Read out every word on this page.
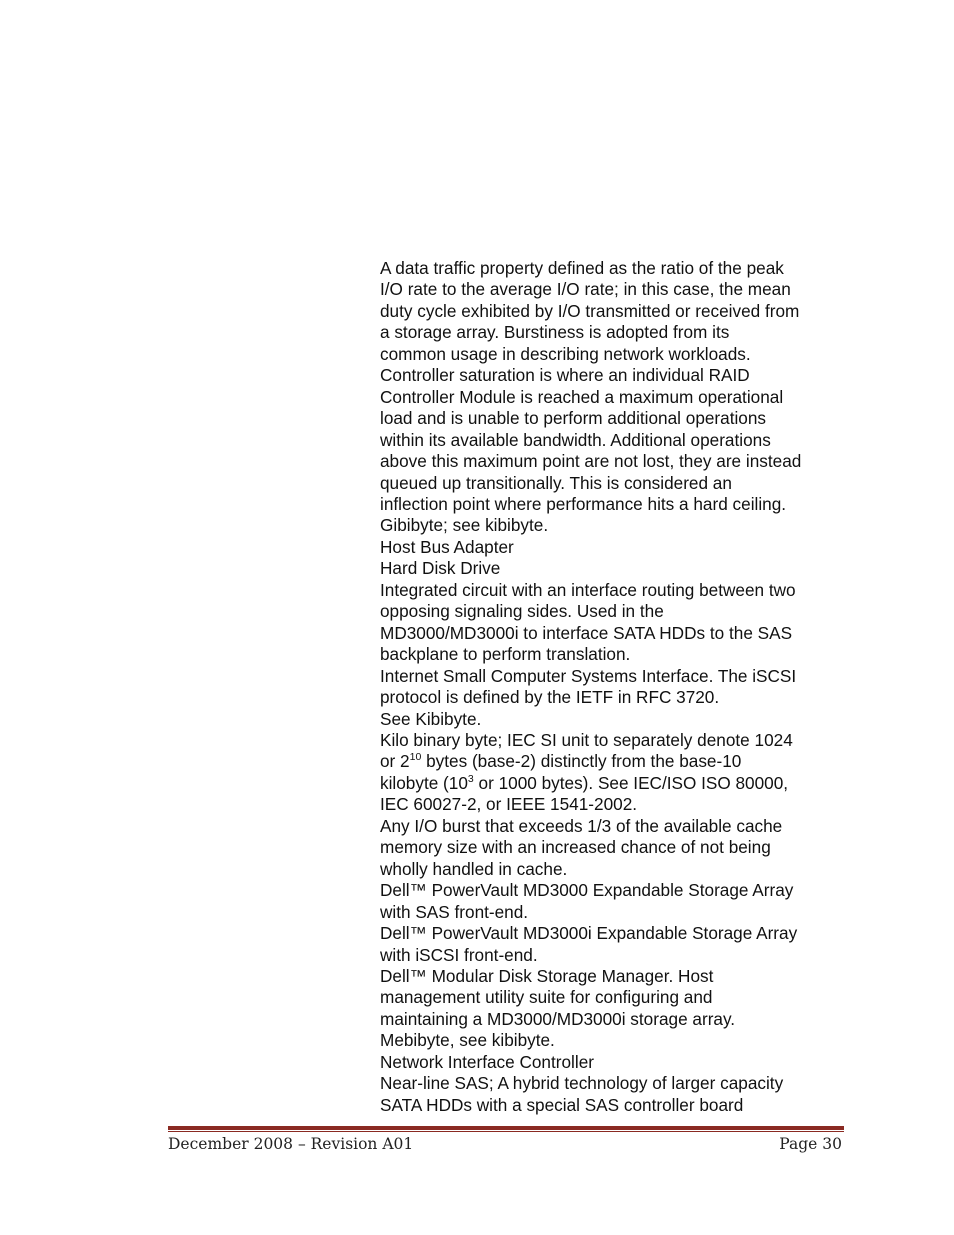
A data traffic property defined as the ratio of the peak
I/O rate to the average I/O rate; in this case, the mean
duty cycle exhibited by I/O transmitted or received from
a storage array. Burstiness is adopted from its
common usage in describing network workloads.

Controller saturation is where an individual RAID
Controller Module is reached a maximum operational
load and is unable to perform additional operations
within its available bandwidth. Additional operations
above this maximum point are not lost, they are instead
queued up transitionally. This is considered an
inflection point where performance hits a hard ceiling.

Gibibyte; see kibibyte.

Host Bus Adapter

Hard Disk Drive

Integrated circuit with an interface routing between two
opposing signaling sides. Used in the
MD3000/MD3000i to interface SATA HDDs to the SAS
backplane to perform translation.

Internet Small Computer Systems Interface. The iSCSI
protocol is defined by the IETF in RFC 3720.

See Kibibyte.

Kilo binary byte; IEC SI unit to separately denote 1024
or $2^{10}$ bytes (base-2) distinctly from the base-10
kilobyte ($10^3$ or 1000 bytes). See IEC/ISO ISO 80000,
IEC 60027-2, or IEEE 1541-2002.

Any I/O burst that exceeds 1/3 of the available cache
memory size with an increased chance of not being
wholly handled in cache.

Dell™ PowerVault MD3000 Expandable Storage Array
with SAS front-end.

Dell™ PowerVault MD3000i Expandable Storage Array
with iSCSI front-end.

Dell™ Modular Disk Storage Manager. Host
management utility suite for configuring and
maintaining a MD3000/MD3000i storage array.

Mebibyte, see kibibyte.

Network Interface Controller

Near-line SAS; A hybrid technology of larger capacity
SATA HDDs with a special SAS controller board

December 2008 – Revision A01	Page 30
